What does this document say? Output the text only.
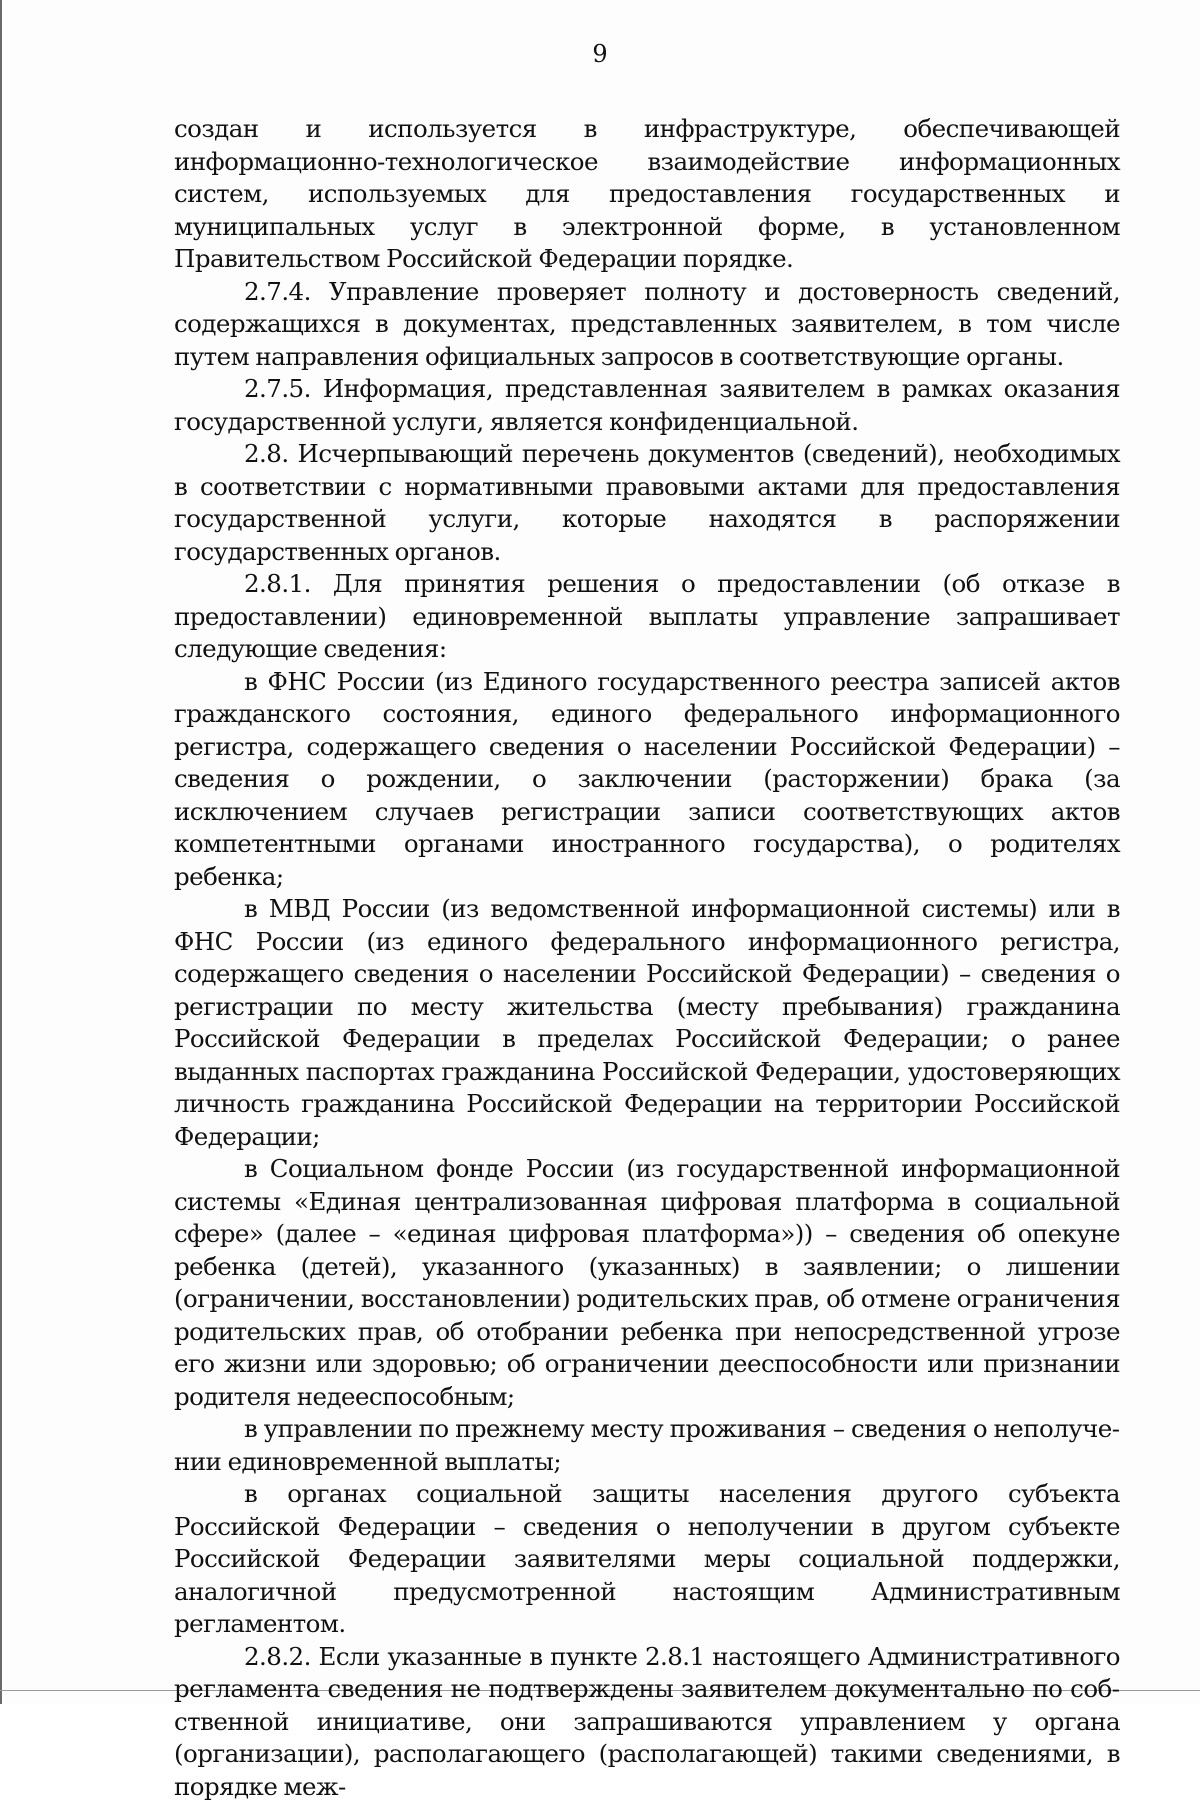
9

создан и используется в инфраструктуре, обеспечивающей информационно-технологическое взаимодействие информационных систем, используемых для предоставления государственных и муниципальных услуг в электронной форме, в установленном Правительством Российской Федерации порядке.

2.7.4. Управление проверяет полноту и достоверность сведений, содержащихся в документах, представленных заявителем, в том числе путем направления официальных запросов в соответствующие органы.

2.7.5. Информация, представленная заявителем в рамках оказания государственной услуги, является конфиденциальной.

2.8. Исчерпывающий перечень документов (сведений), необходимых в соответствии с нормативными правовыми актами для предоставления государственной услуги, которые находятся в распоряжении государственных органов.

2.8.1. Для принятия решения о предоставлении (об отказе в предоставлении) единовременной выплаты управление запрашивает следующие сведения:

в ФНС России (из Единого государственного реестра записей актов гражданского состояния, единого федерального информационного регистра, содержащего сведения о населении Российской Федерации) – сведения о рождении, о заключении (расторжении) брака (за исключением случаев регистрации записи соответствующих актов компетентными органами иностранного государства), о родителях ребенка;

в МВД России (из ведомственной информационной системы) или в ФНС России (из единого федерального информационного регистра, содержащего сведения о населении Российской Федерации) – сведения о регистрации по месту жительства (месту пребывания) гражданина Российской Федерации в пределах Российской Федерации; о ранее выданных паспортах гражданина Российской Федерации, удостоверяющих личность гражданина Российской Федерации на территории Российской Федерации;

в Социальном фонде России (из государственной информационной системы «Единая централизованная цифровая платформа в социальной сфере» (далее – «единая цифровая платформа»)) – сведения об опекуне ребенка (детей), указанного (указанных) в заявлении; о лишении (ограничении, восстановлении) родительских прав, об отмене ограничения родительских прав, об отобрании ребенка при непосредственной угрозе его жизни или здоровью; об ограничении дееспособности или признании родителя недееспособным;

в управлении по прежнему месту проживания – сведения о неполучении единовременной выплаты;

в органах социальной защиты населения другого субъекта Российской Федерации – сведения о неполучении в другом субъекте Российской Федерации заявителями меры социальной поддержки, аналогичной предусмотренной настоящим Административным регламентом.

2.8.2. Если указанные в пункте 2.8.1 настоящего Административного регламента сведения не подтверждены заявителем документально по собственной инициативе, они запрашиваются управлением у органа (организации), располагающего (располагающей) такими сведениями, в порядке меж-
